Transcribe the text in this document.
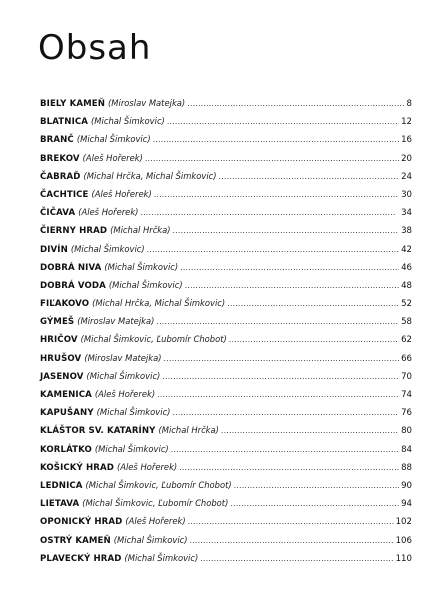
Obsah
BIELY KAMEŇ (Miroslav Matejka) . . .	8
BLATNICA (Michal Šimkovic) . . .	12
BRANČ (Michal Šimkovic) . . .	16
BREKOV (Aleš Hořerek) . . .	20
ČABRAĎ (Michal Hrčka, Michal Šimkovic) . . .	24
ČACHTICE (Aleš Hořerek) . . .	30
ČIČAVA (Aleš Hořerek) . . .	34
ČIERNY HRAD (Michal Hrčka) . . .	38
DIVÍN (Michal Šimkovic) . . .	42
DOBRÁ NIVA (Michal Šimkovic) . . .	46
DOBRÁ VODA (Michal Šimkovic) . . .	48
FIĽAKOVO (Michal Hrčka, Michal Šimkovic) . . .	52
GÝMEŠ (Miroslav Matejka) . . .	58
HRIČOV (Michal Šimkovic, Ľubomír Chobot) . . .	62
HRUŠOV (Miroslav Matejka) . . .	66
JASENOV (Michal Šimkovic) . . .	70
KAMENICA (Aleš Hořerek) . . .	74
KAPUŠANY (Michal Šimkovic) . . .	76
KLÁŠTOR SV. KATARÍNY (Michal Hrčka) . . .	80
KORLÁTKO (Michal Šimkovic) . . .	84
KOŠICKÝ HRAD (Aleš Hořerek) . . .	88
LEDNICA (Michal Šimkovic, Ľubomír Chobot) . . .	90
LIETAVA (Michal Šimkovic, Ľubomír Chobot) . . .	94
OPONICKÝ HRAD (Aleš Hořerek) . . .	102
OSTRÝ KAMEŇ (Michal Šimkovic) . . .	106
PLAVECKÝ HRAD (Michal Šimkovic) . . .	110
